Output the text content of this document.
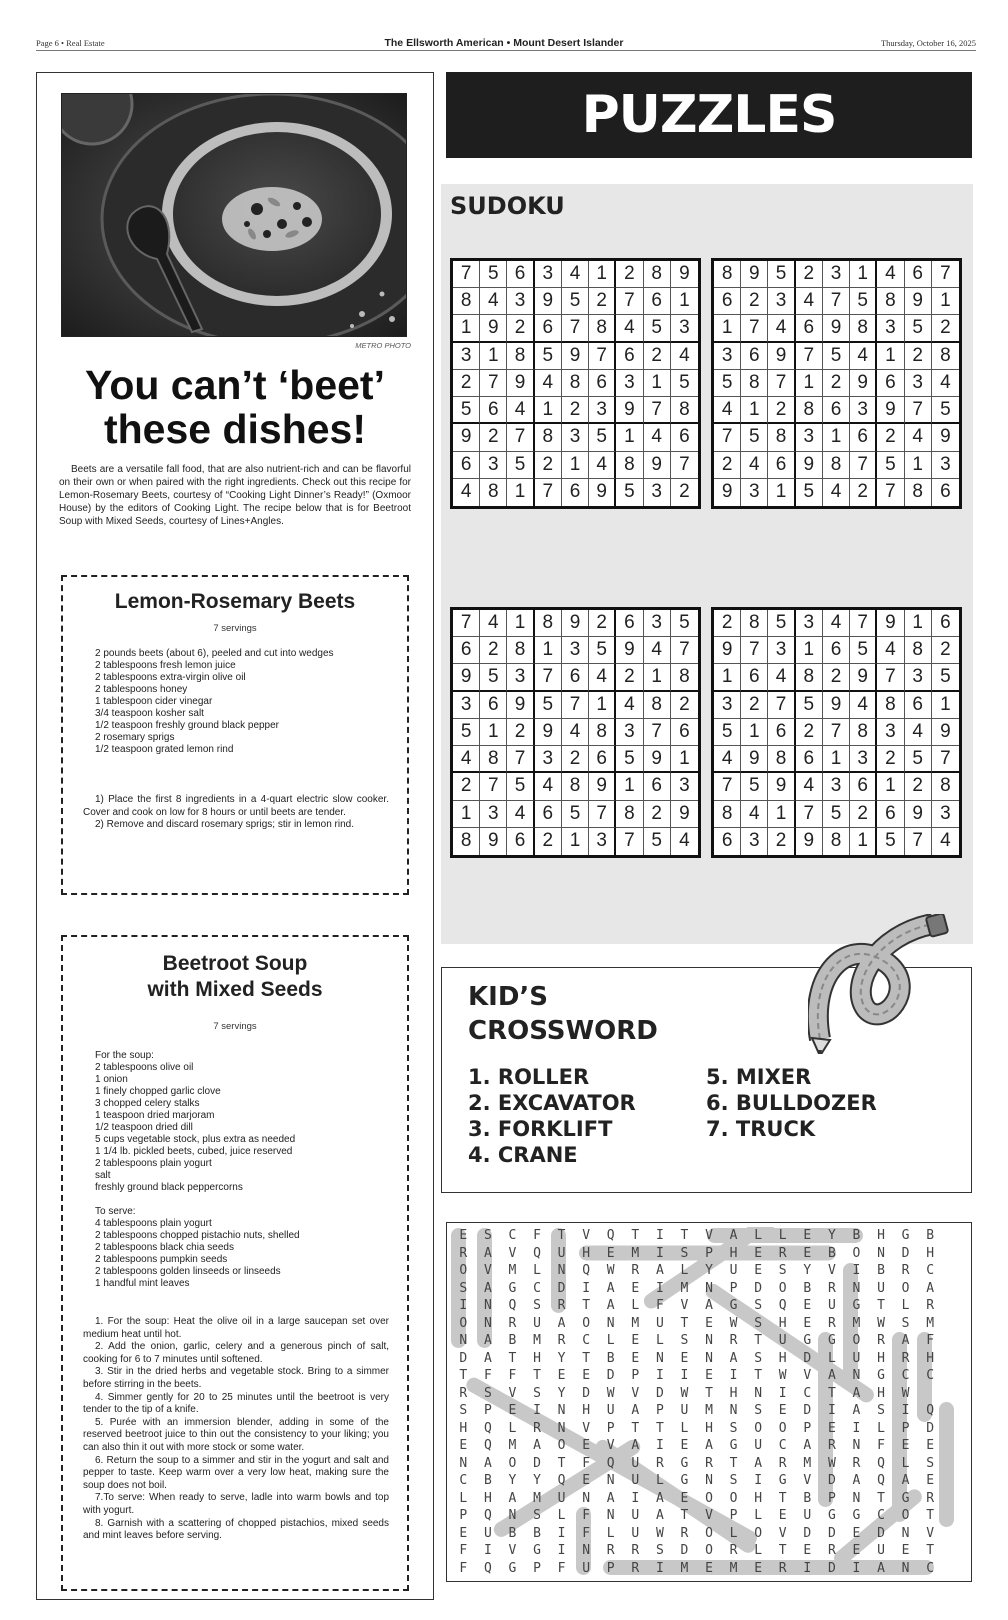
Page 6 • Real Estate	The Ellsworth American • Mount Desert Islander	Thursday, October 16, 2025
METRO PHOTO
You can’t ‘beet’
these dishes!
Beets are a versatile fall food, that are also nutrient-rich and can be flavorful on their own or when paired with the right ingredients. Check out this recipe for Lemon-Rosemary Beets, courtesy of “Cooking Light Dinner’s Ready!” (Oxmoor House) by the editors of Cooking Light. The recipe below that is for Beetroot Soup with Mixed Seeds, courtesy of Lines+Angles.
Lemon-Rosemary Beets
7 servings
2 pounds beets (about 6), peeled and cut into wedges
2 tablespoons fresh lemon juice
2 tablespoons extra-virgin olive oil
2 tablespoons honey
1 tablespoon cider vinegar
3/4 teaspoon kosher salt
1/2 teaspoon freshly ground black pepper
2 rosemary sprigs
1/2 teaspoon grated lemon rind

1) Place the first 8 ingredients in a 4-quart electric slow cooker. Cover and cook on low for 8 hours or until beets are tender.

2) Remove and discard rosemary sprigs; stir in lemon rind.

Beetroot Soup
with Mixed Seeds
7 servings
For the soup:
2 tablespoons olive oil
1 onion
1 finely chopped garlic clove
3 chopped celery stalks
1 teaspoon dried marjoram
1/2 teaspoon dried dill
5 cups vegetable stock, plus extra as needed
1 1/4 lb. pickled beets, cubed, juice reserved
2 tablespoons plain yogurt
salt
freshly ground black peppercorns
To serve:
4 tablespoons plain yogurt
2 tablespoons chopped pistachio nuts, shelled
2 tablespoons black chia seeds
2 tablespoons pumpkin seeds
2 tablespoons golden linseeds or linseeds
1 handful mint leaves

1. For the soup: Heat the olive oil in a large saucepan set over medium heat until hot.

2. Add the onion, garlic, celery and a generous pinch of salt, cooking for 6 to 7 minutes until softened.

3. Stir in the dried herbs and vegetable stock. Bring to a simmer before stirring in the beets.

4. Simmer gently for 20 to 25 minutes until the beetroot is very tender to the tip of a knife.

5. Purée with an immersion blender, adding in some of the reserved beetroot juice to thin out the consistency to your liking; you can also thin it out with more stock or some water.

6. Return the soup to a simmer and stir in the yogurt and salt and pepper to taste. Keep warm over a very low heat, making sure the soup does not boil.

7.To serve: When ready to serve, ladle into warm bowls and top with yogurt.

8. Garnish with a scattering of chopped pistachios, mixed seeds and mint leaves before serving.

PUZZLES
SUDOKU
7 5 6 3 4 1 2 8 9
8 4 3 9 5 2 7 6 1
1 9 2 6 7 8 4 5 3
3 1 8 5 9 7 6 2 4
2 7 9 4 8 6 3 1 5
5 6 4 1 2 3 9 7 8
9 2 7 8 3 5 1 4 6
6 3 5 2 1 4 8 9 7
4 8 1 7 6 9 5 3 2
8 9 5 2 3 1 4 6 7
6 2 3 4 7 5 8 9 1
1 7 4 6 9 8 3 5 2
3 6 9 7 5 4 1 2 8
5 8 7 1 2 9 6 3 4
4 1 2 8 6 3 9 7 5
7 5 8 3 1 6 2 4 9
2 4 6 9 8 7 5 1 3
9 3 1 5 4 2 7 8 6
7 4 1 8 9 2 6 3 5
6 2 8 1 3 5 9 4 7
9 5 3 7 6 4 2 1 8
3 6 9 5 7 1 4 8 2
5 1 2 9 4 8 3 7 6
4 8 7 3 2 6 5 9 1
2 7 5 4 8 9 1 6 3
1 3 4 6 5 7 8 2 9
8 9 6 2 1 3 7 5 4
2 8 5 3 4 7 9 1 6
9 7 3 1 6 5 4 8 2
1 6 4 8 2 9 7 3 5
3 2 7 5 9 4 8 6 1
5 1 6 2 7 8 3 4 9
4 9 8 6 1 3 2 5 7
7 5 9 4 3 6 1 2 8
8 4 1 7 5 2 6 9 3
6 3 2 9 8 1 5 7 4
KID’S
CROSSWORD
1. ROLLER
2. EXCAVATOR
3. FORKLIFT
4. CRANE
5. MIXER
6. BULLDOZER
7. TRUCK
E	S	C	F	T	V	Q	T	I	T	V	A	L	L	E	Y	B	H	G	B
R	A	V	Q	U	H	E	M	I	S	P	H	E	R	E	B	O	N	D	H
O	V	M	L	N	Q	W	R	A	L	Y	U	E	S	Y	V	I	B	R	C
S	A	G	C	D	I	A	E	I	M	N	P	D	O	B	R	N	U	O	A
I	N	Q	S	R	T	A	L	F	V	A	G	S	Q	E	U	G	T	L	R
O	N	R	U	A	O	N	M	U	T	E	W	S	H	E	R	M	W	S	M
N	A	B	M	R	C	L	E	L	S	N	R	T	U	G	G	O	R	A	F
D	A	T	H	Y	T	B	E	N	E	N	A	S	H	D	L	U	H	R	H
T	F	F	T	E	E	D	P	I	I	E	I	T	W	V	A	N	G	C	C
R	S	V	S	Y	D	W	V	D	W	T	H	N	I	C	T	A	H	W
S	P	E	I	N	H	U	A	P	U	M	N	S	E	D	I	A	S	I	Q
H	Q	L	R	N	V	P	T	T	L	H	S	O	O	P	E	I	L	P	D
E	Q	M	A	O	E	V	A	I	E	A	G	U	C	A	R	N	F	E	E
N	A	O	D	T	F	Q	U	R	G	R	T	A	R	M	W	R	Q	L	S
C	B	Y	Y	Q	E	N	U	L	G	N	S	I	G	V	D	A	Q	A	E
L	H	A	M	U	N	A	I	A	E	O	O	H	T	B	P	N	T	G	R
P	Q	N	S	L	F	N	U	A	T	V	P	L	E	U	G	G	C	O	T
E	U	B	B	I	F	L	U	W	R	O	L	O	V	D	D	E	D	N	V
F	I	V	G	I	N	R	R	S	D	O	R	L	T	E	R	E	U	E	T
F	Q	G	P	F	U	P	R	I	M	E	M	E	R	I	D	I	A	N	C
